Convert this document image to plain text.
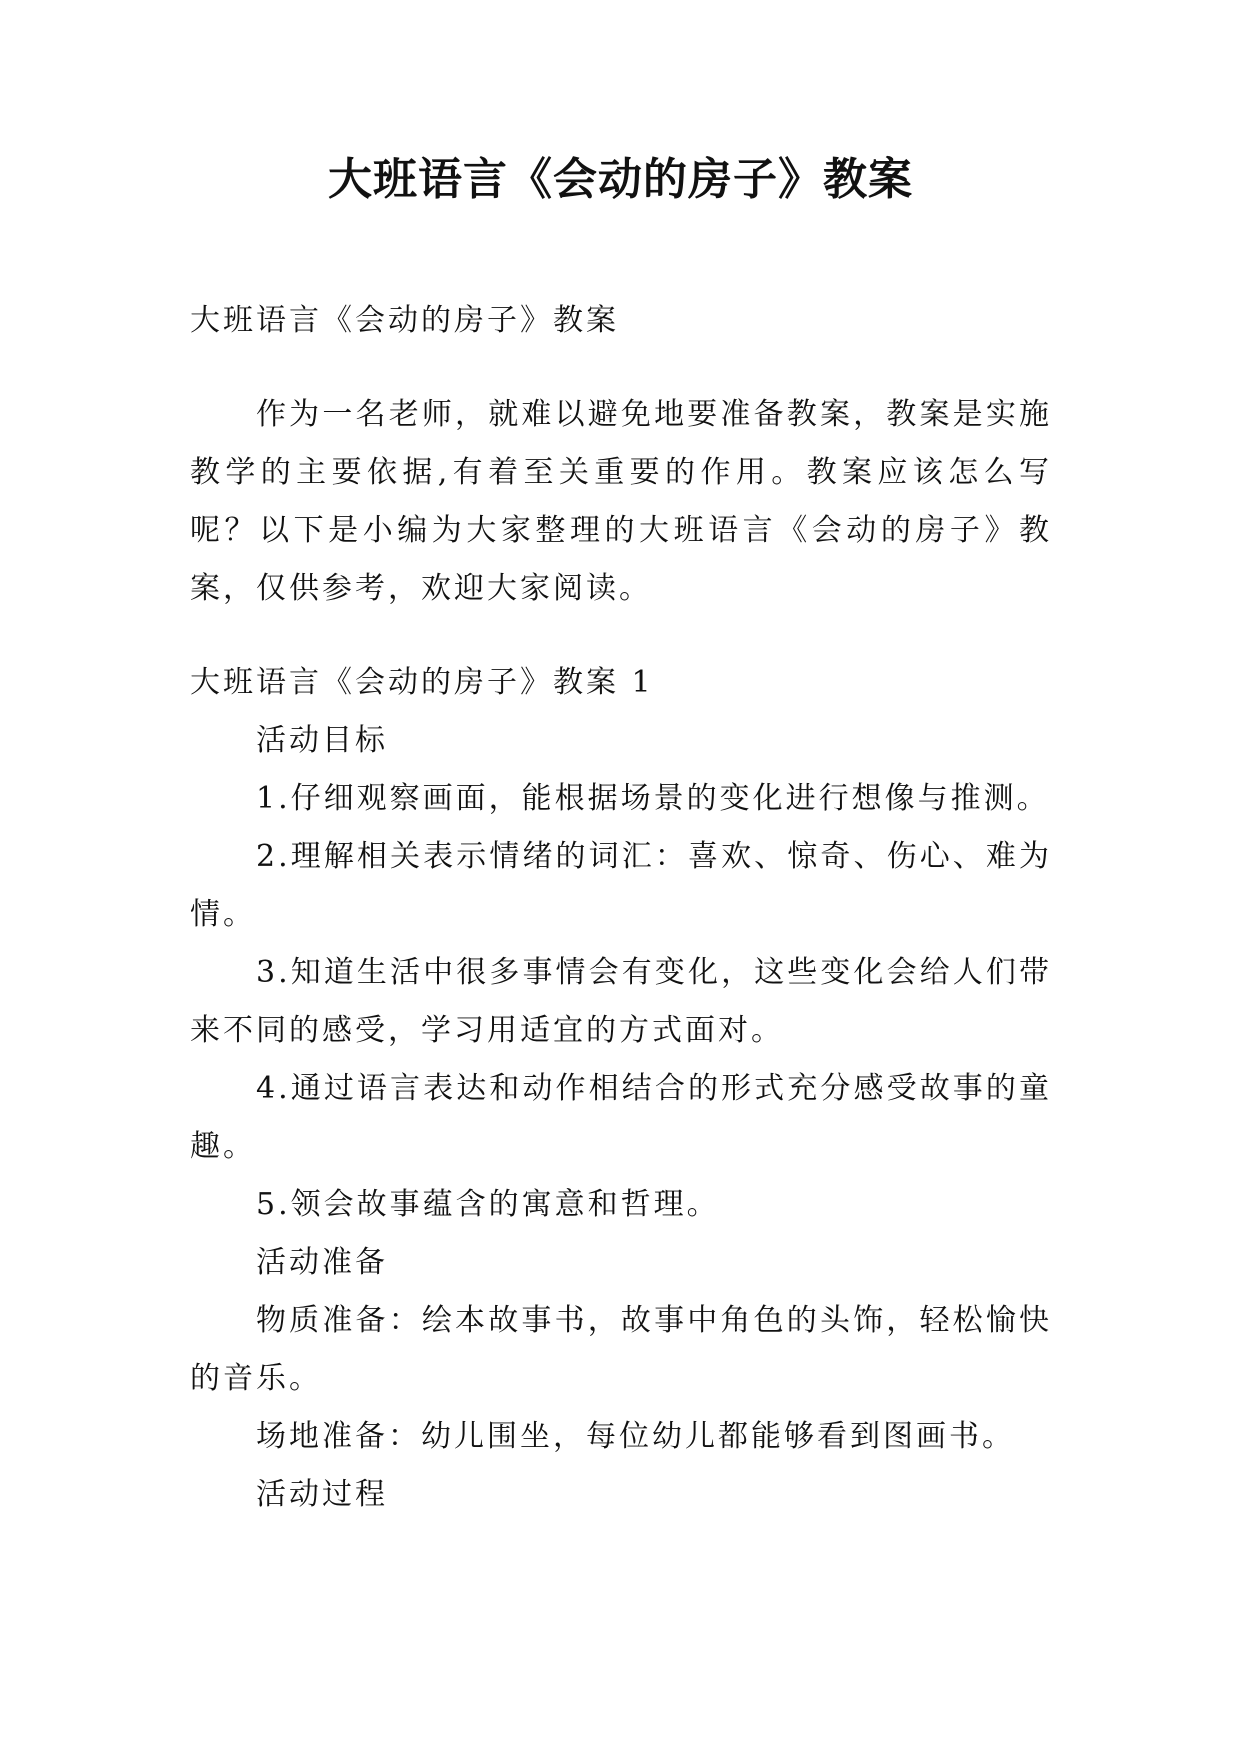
大班语言《会动的房子》教案

大班语言《会动的房子》教案

作为一名老师，就难以避免地要准备教案，教案是实施教学的主要依据,有着至关重要的作用。教案应该怎么写呢？以下是小编为大家整理的大班语言《会动的房子》教案，仅供参考，欢迎大家阅读。

大班语言《会动的房子》教案 1

活动目标

1.仔细观察画面，能根据场景的变化进行想像与推测。

2.理解相关表示情绪的词汇：喜欢、惊奇、伤心、难为情。

3.知道生活中很多事情会有变化，这些变化会给人们带来不同的感受，学习用适宜的方式面对。

4.通过语言表达和动作相结合的形式充分感受故事的童趣。

5.领会故事蕴含的寓意和哲理。

活动准备

物质准备：绘本故事书，故事中角色的头饰，轻松愉快的音乐。

场地准备：幼儿围坐，每位幼儿都能够看到图画书。

活动过程
